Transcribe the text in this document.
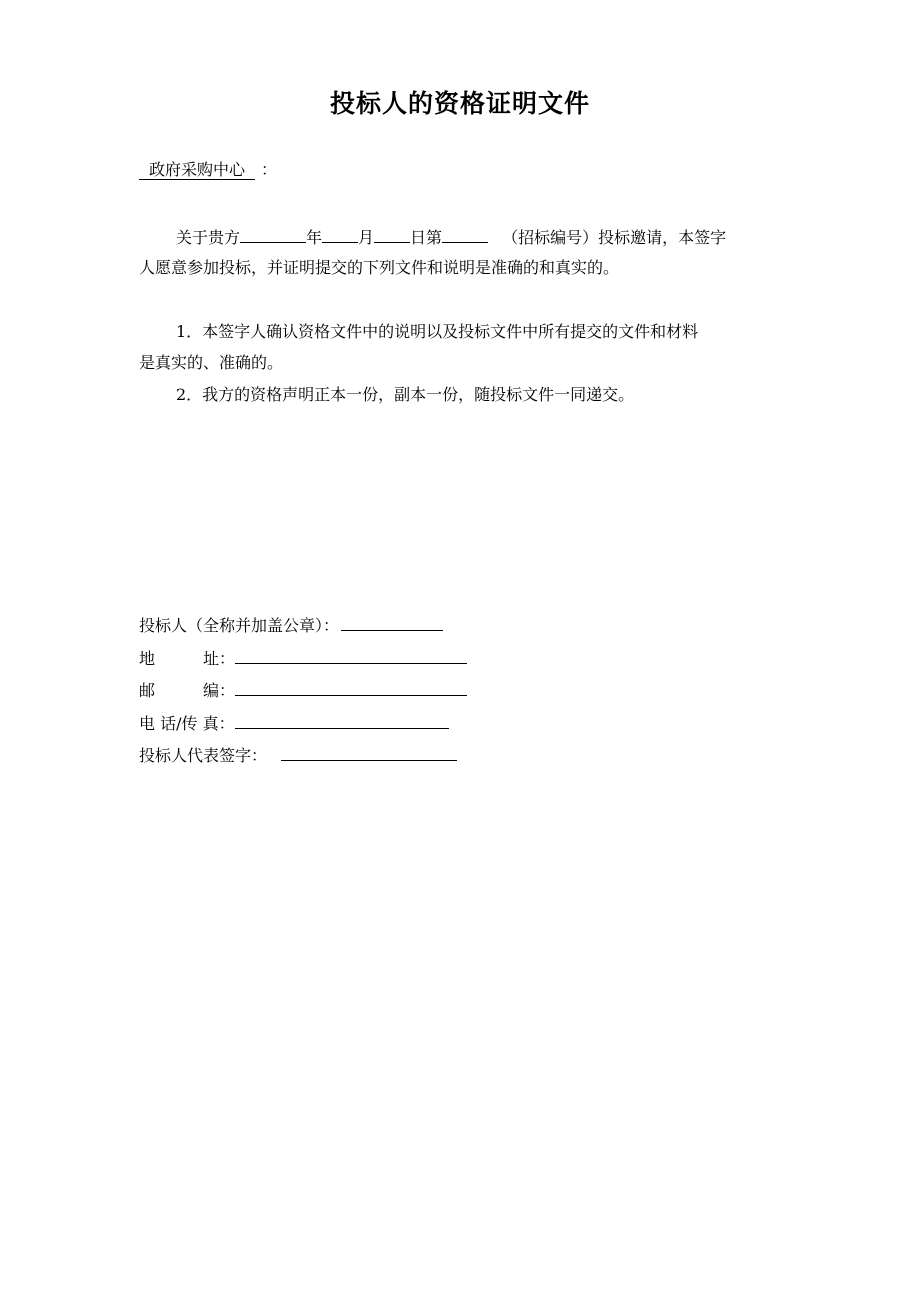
投标人的资格证明文件
政府采购中心 ：
关于贵方	年 月 日第	（招标编号）投标邀请，本签字
人愿意参加投标，并证明提交的下列文件和说明是准确的和真实的。
1．本签字人确认资格文件中的说明以及投标文件中所有提交的文件和材料
是真实的、准确的。
2．我方的资格声明正本一份，副本一份，随投标文件一同递交。
投标人（全称并加盖公章）：
地	址：
邮	编：
电 话/传 真：
投标人代表签字：
